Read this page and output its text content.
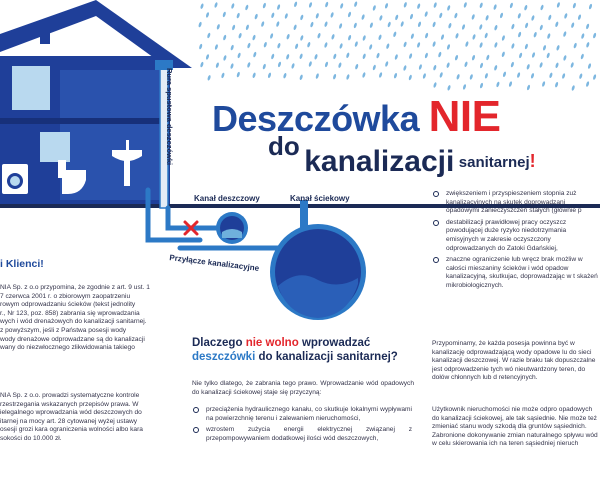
Deszczówka NIE
do kanalizacji sanitarnej!
Rura spustowa deszczówki
Kanał deszczowy	Kanał ściekowy
Przyłącze kanalizacyjne
i Klienci!

NIA Sp. z o.o przypomina, że zgodnie z art. 9 ust. 1

7 czerwca 2001 r. o zbiorowym zaopatrzeniu

rowym odprowadzaniu ścieków (tekst jednolity

r., Nr 123, poz. 858) zabrania się wprowadzania

wych i wód drenażowych do kanalizacji sanitarnej.

z powyższym, jeśli z Państwa posesji wody

wody drenażowe odprowadzane są do kanalizacji

wany do niezwłocznego zlikwidowania takiego

NIA Sp. z o.o. prowadzi systematyczne kontrole

rzestrzegania wskazanych przepisów prawa. W

ielegalnego wprowadzania wód deszczowych do

itarnej na mocy art. 28 cytowanej wyżej ustawy

osesji grozi kara ograniczenia wolności albo kara

sokości do 10.000 zł.

Dlaczego nie wolno wprowadzać
deszczówki do kanalizacji sanitarnej?
Nie tylko dlatego, że zabrania tego prawo. Wprowadzanie wód opadowych do kanalizacji ściekowej staje się przyczyną:
przeciążenia hydraulicznego kanału, co skutkuje lokalnymi wypływami na powierzchnię terenu i zalewaniem nieruchomości,
wzrostem zużycia energii elektrycznej związanej z przepompowywaniem dodatkowej ilości wód deszczowych,
zwiększeniem i przyspieszeniem stopnia zuż kanalizacyjnych na skutek doprowadzani opadowymi zanieczyszczeń stałych (głównie p
destabilizacji prawidłowej pracy oczyszcz powodującej duże ryzyko niedotrzymania emisyjnych w zakresie oczyszczony odprowadzanych do Zatoki Gdańskiej,
znaczne ograniczenie lub wręcz brak możliw w całości mieszaniny ścieków i wód opadow kanalizacyjną, skutkujac, doprowadzając w t skażeń mikrobiologicznych.
Przypominamy, że każda posesja powinna być w kanalizację odprowadzającą wody opadowe lu do sieci kanalizacji deszczowej. W razie braku tak dopuszczalne jest odprowadzenie tych wó nieutwardzony teren, do dołów chłonnych lub d retencyjnych.
Użytkownik nieruchomości nie może odpro opadowych do kanalizacji ściekowej, ale tak sąsiednie. Nie może też zmieniać stanu wody szkodą dla gruntów sąsiednich. Zabronione dokonywanie zmian naturalnego spływu wód w celu skierowania ich na teren sąsiedniej nieruch
